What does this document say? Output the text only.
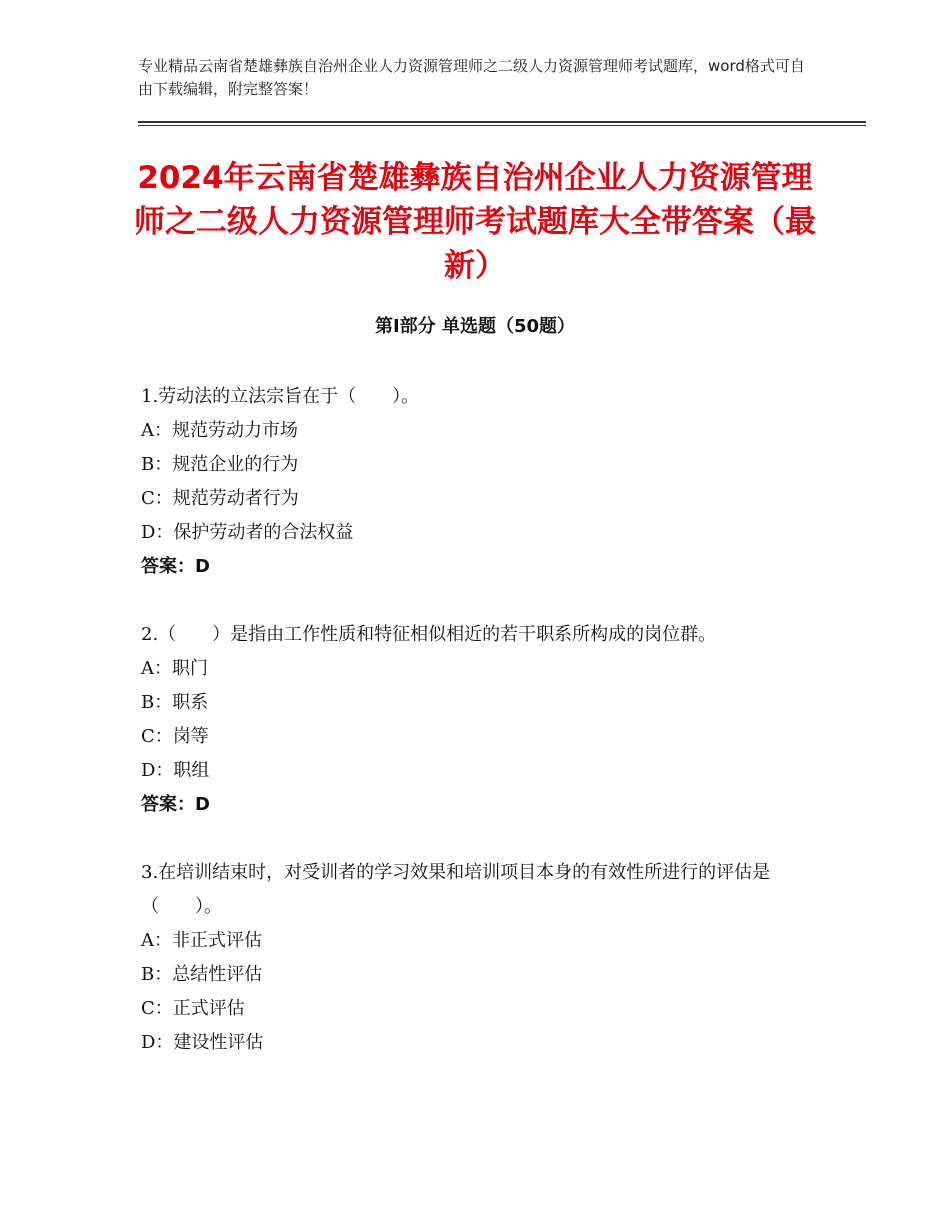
专业精品云南省楚雄彝族自治州企业人力资源管理师之二级人力资源管理师考试题库，word格式可自由下载编辑，附完整答案！

2024年云南省楚雄彝族自治州企业人力资源管理师之二级人力资源管理师考试题库大全带答案（最新）
第I部分 单选题（50题）

1.劳动法的立法宗旨在于（　　）。

A：规范劳动力市场

B：规范企业的行为

C：规范劳动者行为

D：保护劳动者的合法权益

答案：D

2.（　　）是指由工作性质和特征相似相近的若干职系所构成的岗位群。

A：职门

B：职系

C：岗等

D：职组

答案：D

3.在培训结束时，对受训者的学习效果和培训项目本身的有效性所进行的评估是（　　）。

A：非正式评估

B：总结性评估

C：正式评估

D：建设性评估
